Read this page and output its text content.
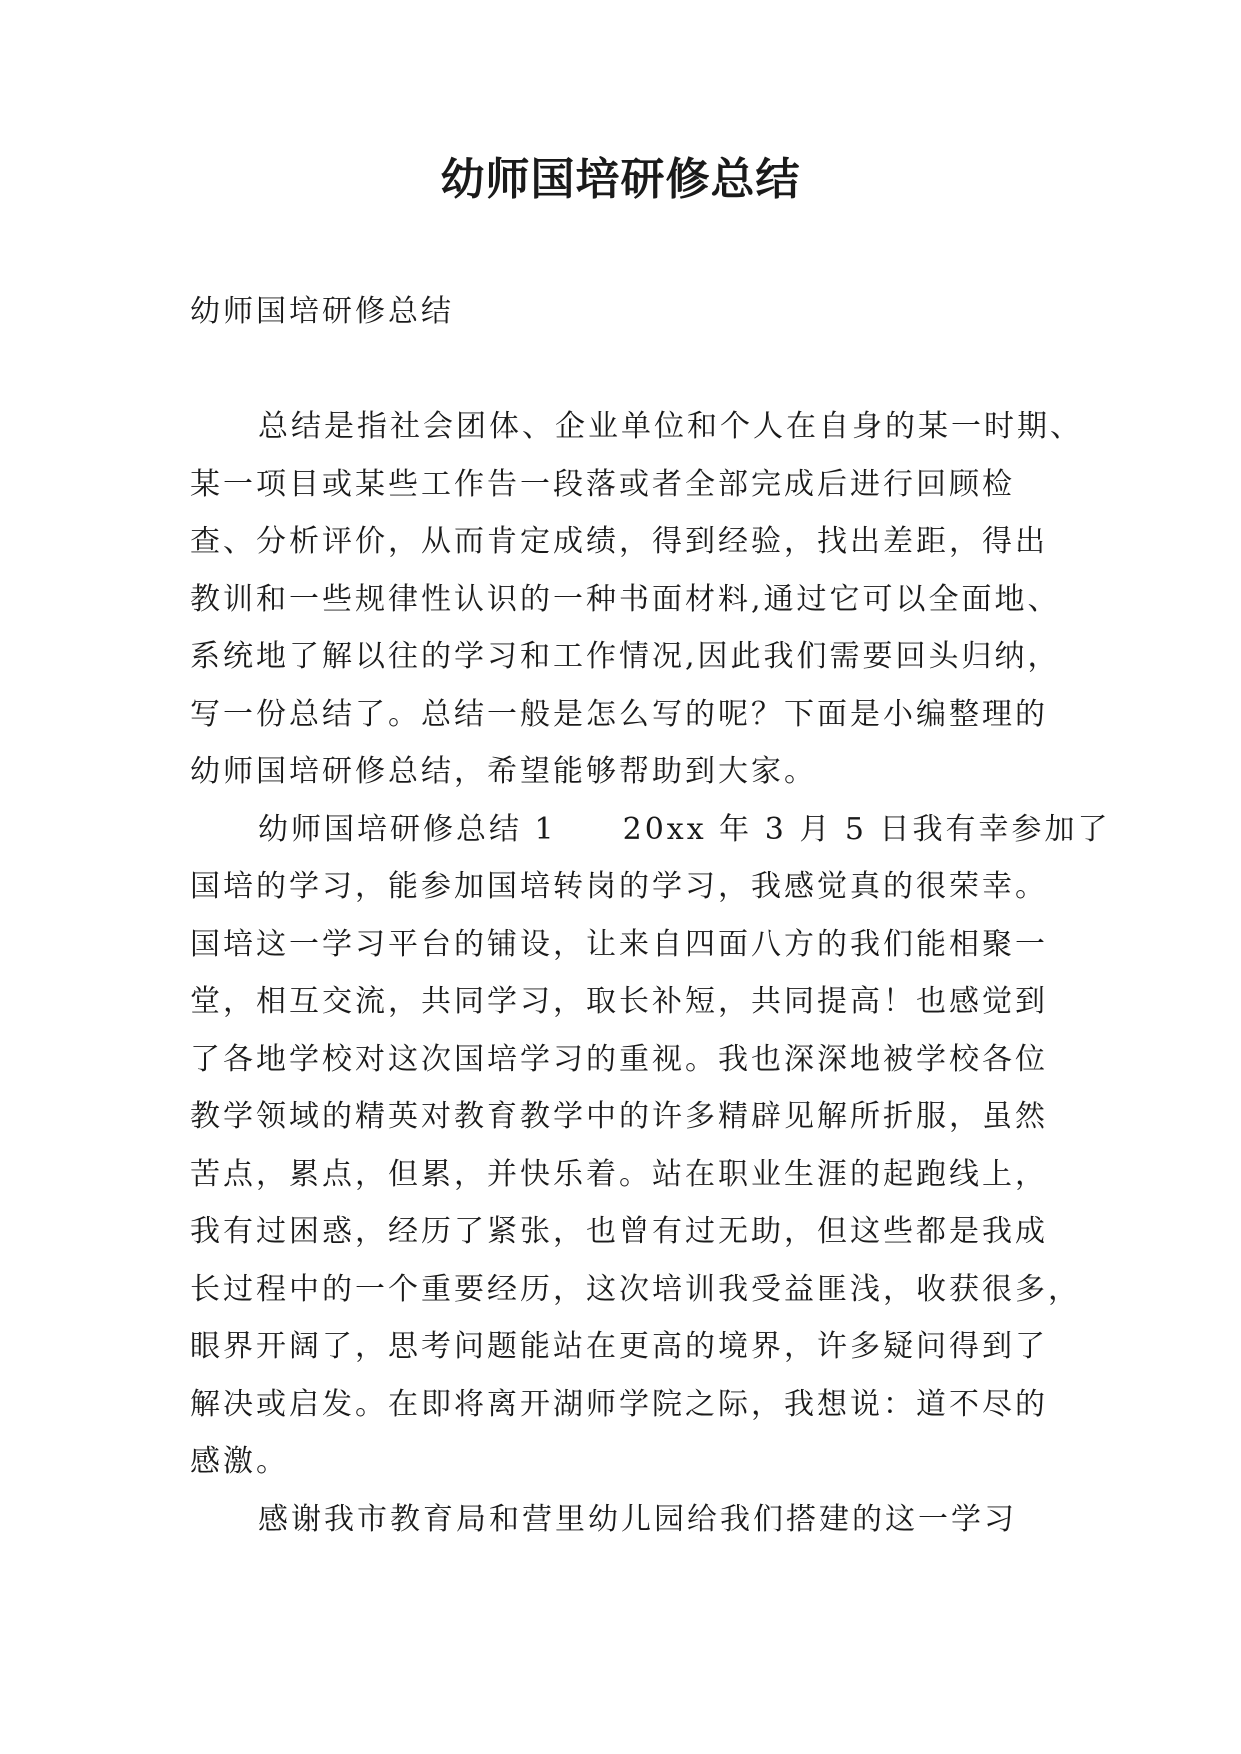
幼师国培研修总结

幼师国培研修总结

总结是指社会团体、企业单位和个人在自身的某一时期、

某一项目或某些工作告一段落或者全部完成后进行回顾检

查、分析评价，从而肯定成绩，得到经验，找出差距，得出

教训和一些规律性认识的一种书面材料,通过它可以全面地、

系统地了解以往的学习和工作情况,因此我们需要回头归纳，

写一份总结了。总结一般是怎么写的呢？下面是小编整理的

幼师国培研修总结，希望能够帮助到大家。

幼师国培研修总结 1　　20xx 年 3 月 5 日我有幸参加了

国培的学习，能参加国培转岗的学习，我感觉真的很荣幸。

国培这一学习平台的铺设，让来自四面八方的我们能相聚一

堂，相互交流，共同学习，取长补短，共同提高！也感觉到

了各地学校对这次国培学习的重视。我也深深地被学校各位

教学领域的精英对教育教学中的许多精辟见解所折服，虽然

苦点，累点，但累，并快乐着。站在职业生涯的起跑线上，

我有过困惑，经历了紧张，也曾有过无助，但这些都是我成

长过程中的一个重要经历，这次培训我受益匪浅，收获很多，

眼界开阔了，思考问题能站在更高的境界，许多疑问得到了

解决或启发。在即将离开湖师学院之际，我想说：道不尽的

感激。

感谢我市教育局和营里幼儿园给我们搭建的这一学习
